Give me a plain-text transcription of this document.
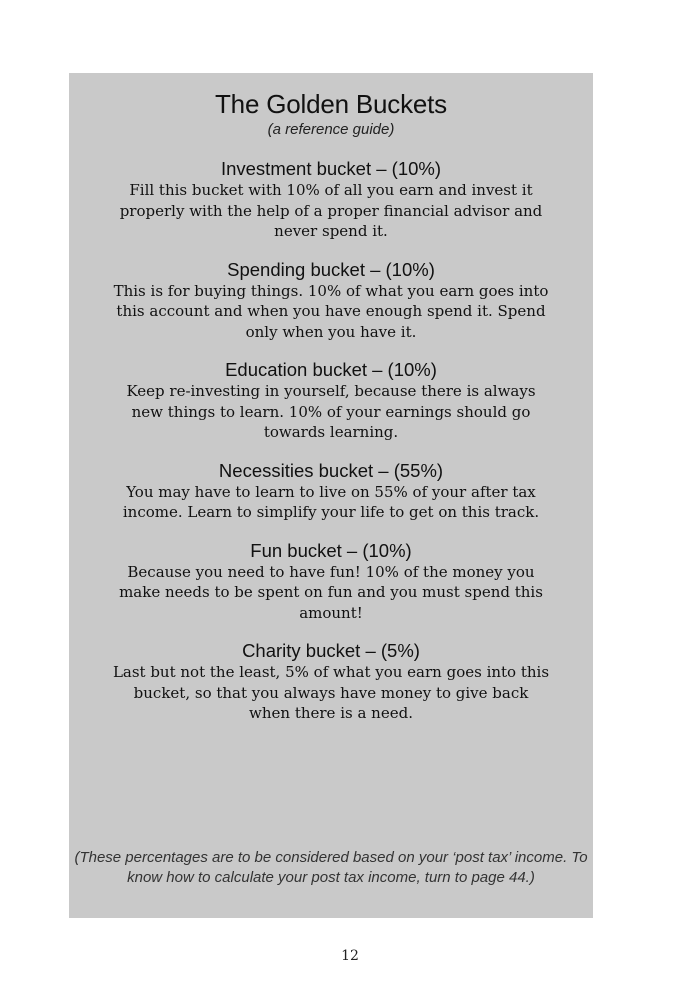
The Golden Buckets

(a reference guide)

Investment bucket – (10%)

Fill this bucket with 10% of all you earn and invest it properly with the help of a proper financial advisor and never spend it.

Spending bucket – (10%)

This is for buying things. 10% of what you earn goes into this account and when you have enough spend it. Spend only when you have it.

Education bucket – (10%)

Keep re-investing in yourself, because there is always new things to learn. 10% of your earnings should go towards learning.

Necessities bucket – (55%)

You may have to learn to live on 55% of your after tax income. Learn to simplify your life to get on this track.

Fun bucket – (10%)

Because you need to have fun! 10% of the money you make needs to be spent on fun and you must spend this amount!

Charity bucket – (5%)

Last but not the least, 5% of what you earn goes into this bucket, so that you always have money to give back when there is a need.

(These percentages are to be considered based on your ‘post tax’ income. To know how to calculate your post tax income, turn to page 44.)

12
